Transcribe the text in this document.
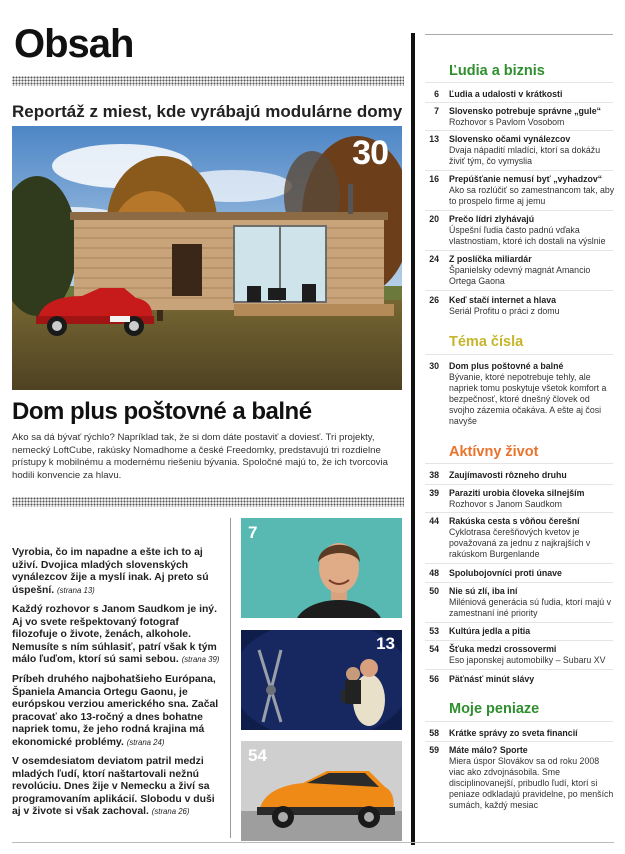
Obsah
Reportáž z miest, kde vyrábajú modulárne domy
30
Dom plus poštovné a balné
Ako sa dá bývať rýchlo? Napríklad tak, že si dom dáte postaviť a doviesť. Tri projekty, nemecký LoftCube, rakúsky Nomadhome a české Freedomky, predstavujú tri rozdielne prístupy k mobilnému a modernému riešeniu bývania. Spoločné majú to, že ich tvorcovia hodili konvencie za hlavu.
Vyrobia, čo im napadne a ešte ich to aj uživí. Dvojica mladých slovenských vynálezcov žije a myslí inak. Aj preto sú úspešní. (strana 13)
Každý rozhovor s Janom Saudkom je iný. Aj vo svete rešpektovaný fotograf filozofuje o živote, ženách, alkohole. Nemusíte s ním súhlasiť, patrí však k tým málo ľuďom, ktorí sú sami sebou. (strana 39)
Príbeh druhého najbohatšieho Európana, Španiela Amancia Ortegu Gaonu, je európskou verziou amerického sna. Začal pracovať ako 13-ročný a dnes bohatne napriek tomu, že jeho rodná krajina má ekonomické problémy. (strana 24)
V osemdesiatom deviatom patril medzi mladých ľudí, ktorí naštartovali nežnú revolúciu. Dnes žije v Nemecku a živí sa programovaním aplikácií. Slobodu v duši aj v živote si však zachoval. (strana 26)
7
13
54
Ľudia a biznis
6 Ľudia a udalosti v krátkosti
7 Slovensko potrebuje správne „gule“
Rozhovor s Pavlom Vosobom
13 Slovensko očami vynálezcov
Dvaja nápadití mladíci, ktorí sa dokážu živiť tým, čo vymyslia
16 Prepúšťanie nemusí byť „vyhadzov“
Ako sa rozlúčiť so zamestnancom tak, aby to prospelo firme aj jemu
20 Prečo lídri zlyhávajú
Úspešní ľudia často padnú vďaka vlastnostiam, ktoré ich dostali na výslnie
24 Z poslíčka miliardár
Španielsky odevný magnát Amancio Ortega Gaona
26 Keď stačí internet a hlava
Seriál Profitu o práci z domu
Téma čísla
30 Dom plus poštovné a balné
Bývanie, ktoré nepotrebuje tehly, ale napriek tomu poskytuje všetok komfort a bezpečnosť, ktoré dnešný človek od svojho zázemia očakáva. A ešte aj čosi navyše
Aktívny život
38 Zaujímavosti rôzneho druhu
39 Paraziti urobia človeka silnejším
Rozhovor s Janom Saudkom
44 Rakúska cesta s vôňou čerešní
Cyklotrasa čerešňových kvetov je považovaná za jednu z najkrajších v rakúskom Burgenlande
48 Spolubojovníci proti únave
50 Nie sú zlí, iba iní
Miléniová generácia sú ľudia, ktorí majú v zamestnaní iné priority
53 Kultúra jedla a pitia
54 Šťuka medzi crossovermi
Eso japonskej automobilky – Subaru XV
56 Päťnásť minút slávy
Moje peniaze
58 Krátke správy zo sveta financií
59 Máte málo? Sporte
Miera úspor Slovákov sa od roku 2008 viac ako zdvojnásobila. Sme disciplinovanejší, pribudlo ľudí, ktorí si peniaze odkladajú pravidelne, po menších sumách, každý mesiac
